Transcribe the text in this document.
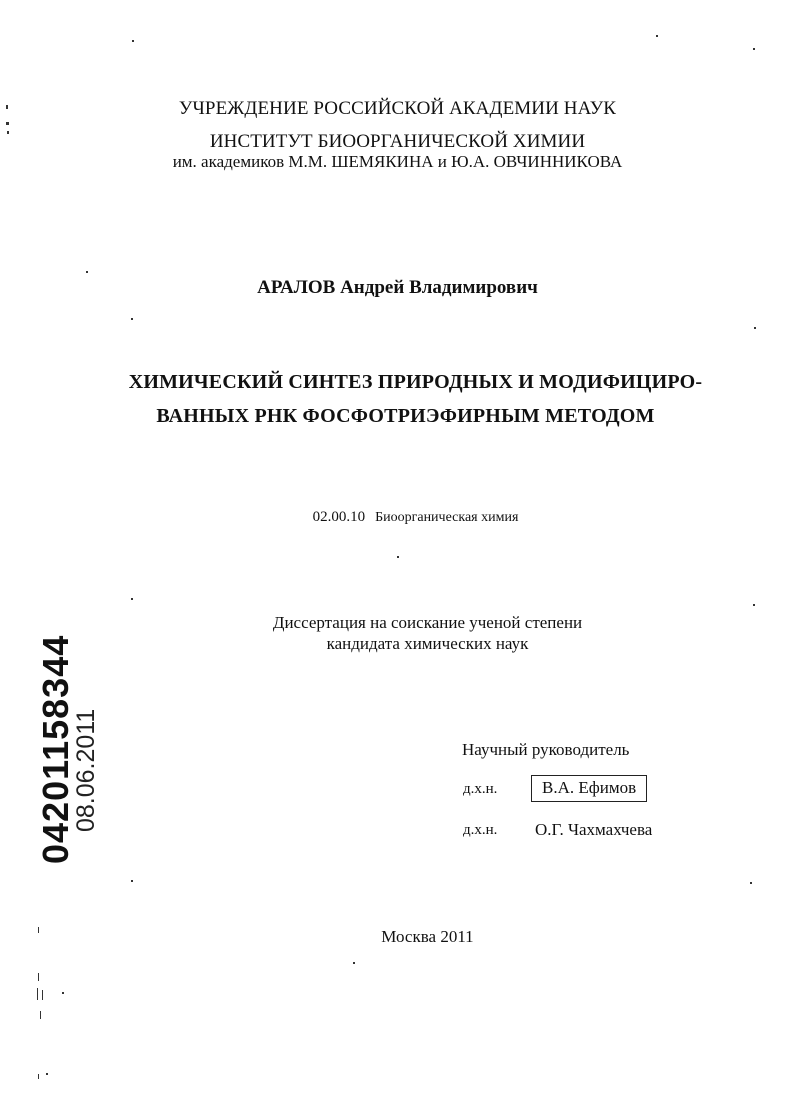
УЧРЕЖДЕНИЕ РОССИЙСКОЙ АКАДЕМИИ НАУК
ИНСТИТУТ БИООРГАНИЧЕСКОЙ ХИМИИ
им. академиков М.М. ШЕМЯКИНА и Ю.А. ОВЧИННИКОВА
АРАЛОВ Андрей Владимирович
ХИМИЧЕСКИЙ СИНТЕЗ ПРИРОДНЫХ И МОДИФИЦИРО-
ВАННЫХ РНК ФОСФОТРИЭФИРНЫМ МЕТОДОМ
02.00.10 Биоорганическая химия
Диссертация на соискание ученой степени
кандидата химических наук
Научный руководитель
д.х.н.	В.А. Ефимов
д.х.н. О.Г. Чахмахчева
Москва 2011
04201158344
08.06.2011
